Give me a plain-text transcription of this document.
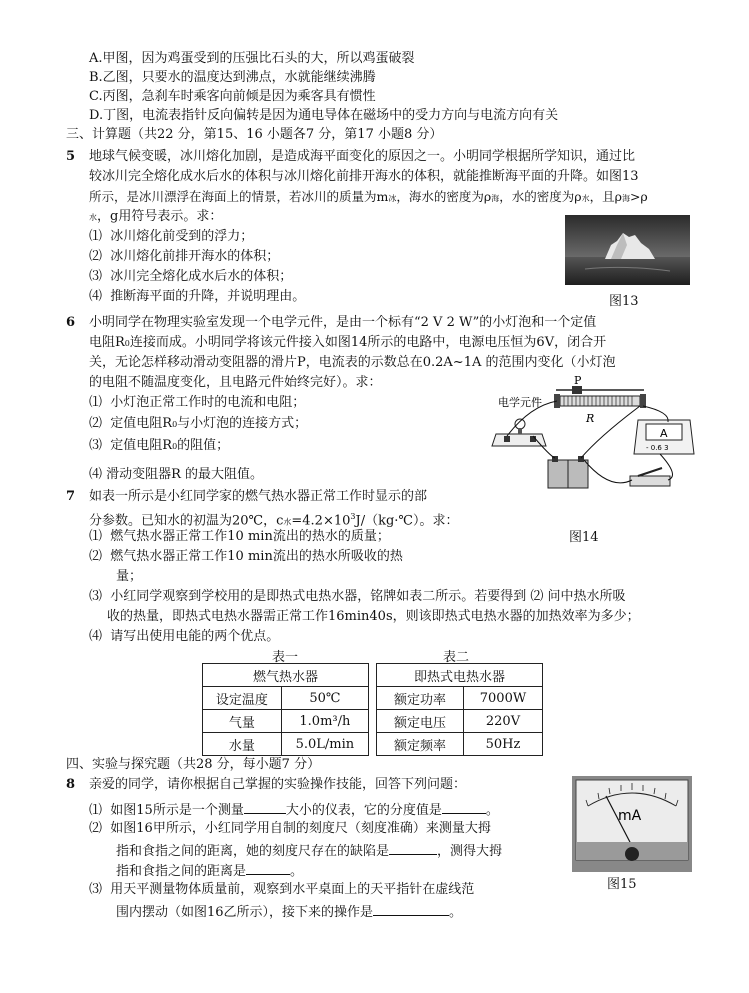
A.甲图，因为鸡蛋受到的压强比石头的大，所以鸡蛋破裂
B.乙图，只要水的温度达到沸点，水就能继续沸腾
C.丙图，急刹车时乘客向前倾是因为乘客具有惯性
D.丁图，电流表指针反向偏转是因为通电导体在磁场中的受力方向与电流方向有关
三、计算题（共22 分，第15、16 小题各7 分，第17 小题8 分）
5 地球气候变暖，冰川熔化加剧，是造成海平面变化的原因之一。小明同学根据所学知识，通过比
较冰川完全熔化成水后水的体积与冰川熔化前排开海水的体积，就能推断海平面的升降。如图13
所示，是冰川漂浮在海面上的情景，若冰川的质量为m冰，海水的密度为ρ海，水的密度为ρ水，且ρ海>ρ
水，g用符号表示。求：
⑴ 冰川熔化前受到的浮力；
⑵ 冰川熔化前排开海水的体积；
⑶ 冰川完全熔化成水后水的体积；
⑷ 推断海平面的升降，并说明理由。	图13
6 小明同学在物理实验室发现一个电学元件，是由一个标有“2 V 2 W”的小灯泡和一个定值
电阻R0连接而成。小明同学将该元件接入如图14所示的电路中，电源电压恒为6V，闭合开
关，无论怎样移动滑动变阻器的滑片P，电流表的示数总在0.2A~1A 的范围内变化（小灯泡
的电阻不随温度变化，且电路元件始终完好）。求：
⑴ 小灯泡正常工作时的电流和电阻；
⑵ 定值电阻R0与小灯泡的连接方式；
⑶ 定值电阻R0的阻值；
⑷ 滑动变阻器R 的最大阻值。
P
R
电学元件
A
- 0.6 3
图14
7 如表一所示是小红同学家的燃气热水器正常工作时显示的部
分参数。已知水的初温为20℃，c水$=4.2\times 10^3J/(kg\cdot℃)$。求：
⑴ 燃气热水器正常工作10 min流出的热水的质量；
⑵ 燃气热水器正常工作10 min流出的热水所吸收的热
量；
⑶ 小红同学观察到学校用的是即热式电热水器，铭牌如表二所示。若要得到 ⑵ 问中热水所吸
收的热量，即热式电热水器需正常工作16min40s，则该即热式电热水器的加热效率为多少；
⑷ 请写出使用电能的两个优点。
表一	表二
燃气热水器	
设定温度	50℃
气量	1.0m³/h
水量	5.0L/min
即热式电热水器	
额定功率	7000W
额定电压	220V
额定频率	50Hz
四、实验与探究题（共28 分，每小题7 分）
8 亲爱的同学，请你根据自己掌握的实验操作技能，回答下列问题：
⑴ 如图15所示是一个测量	大小的仪表，它的分度值是	。
⑵ 如图16甲所示，小红同学用自制的刻度尺（刻度准确）来测量大拇
指和食指之间的距离，她的刻度尺存在的缺陷是	，测得大拇
指和食指之间的距离是	。
⑶ 用天平测量物体质量前，观察到水平桌面上的天平指针在虚线范
围内摆动（如图16乙所示），接下来的操作是	。
mA
图15
